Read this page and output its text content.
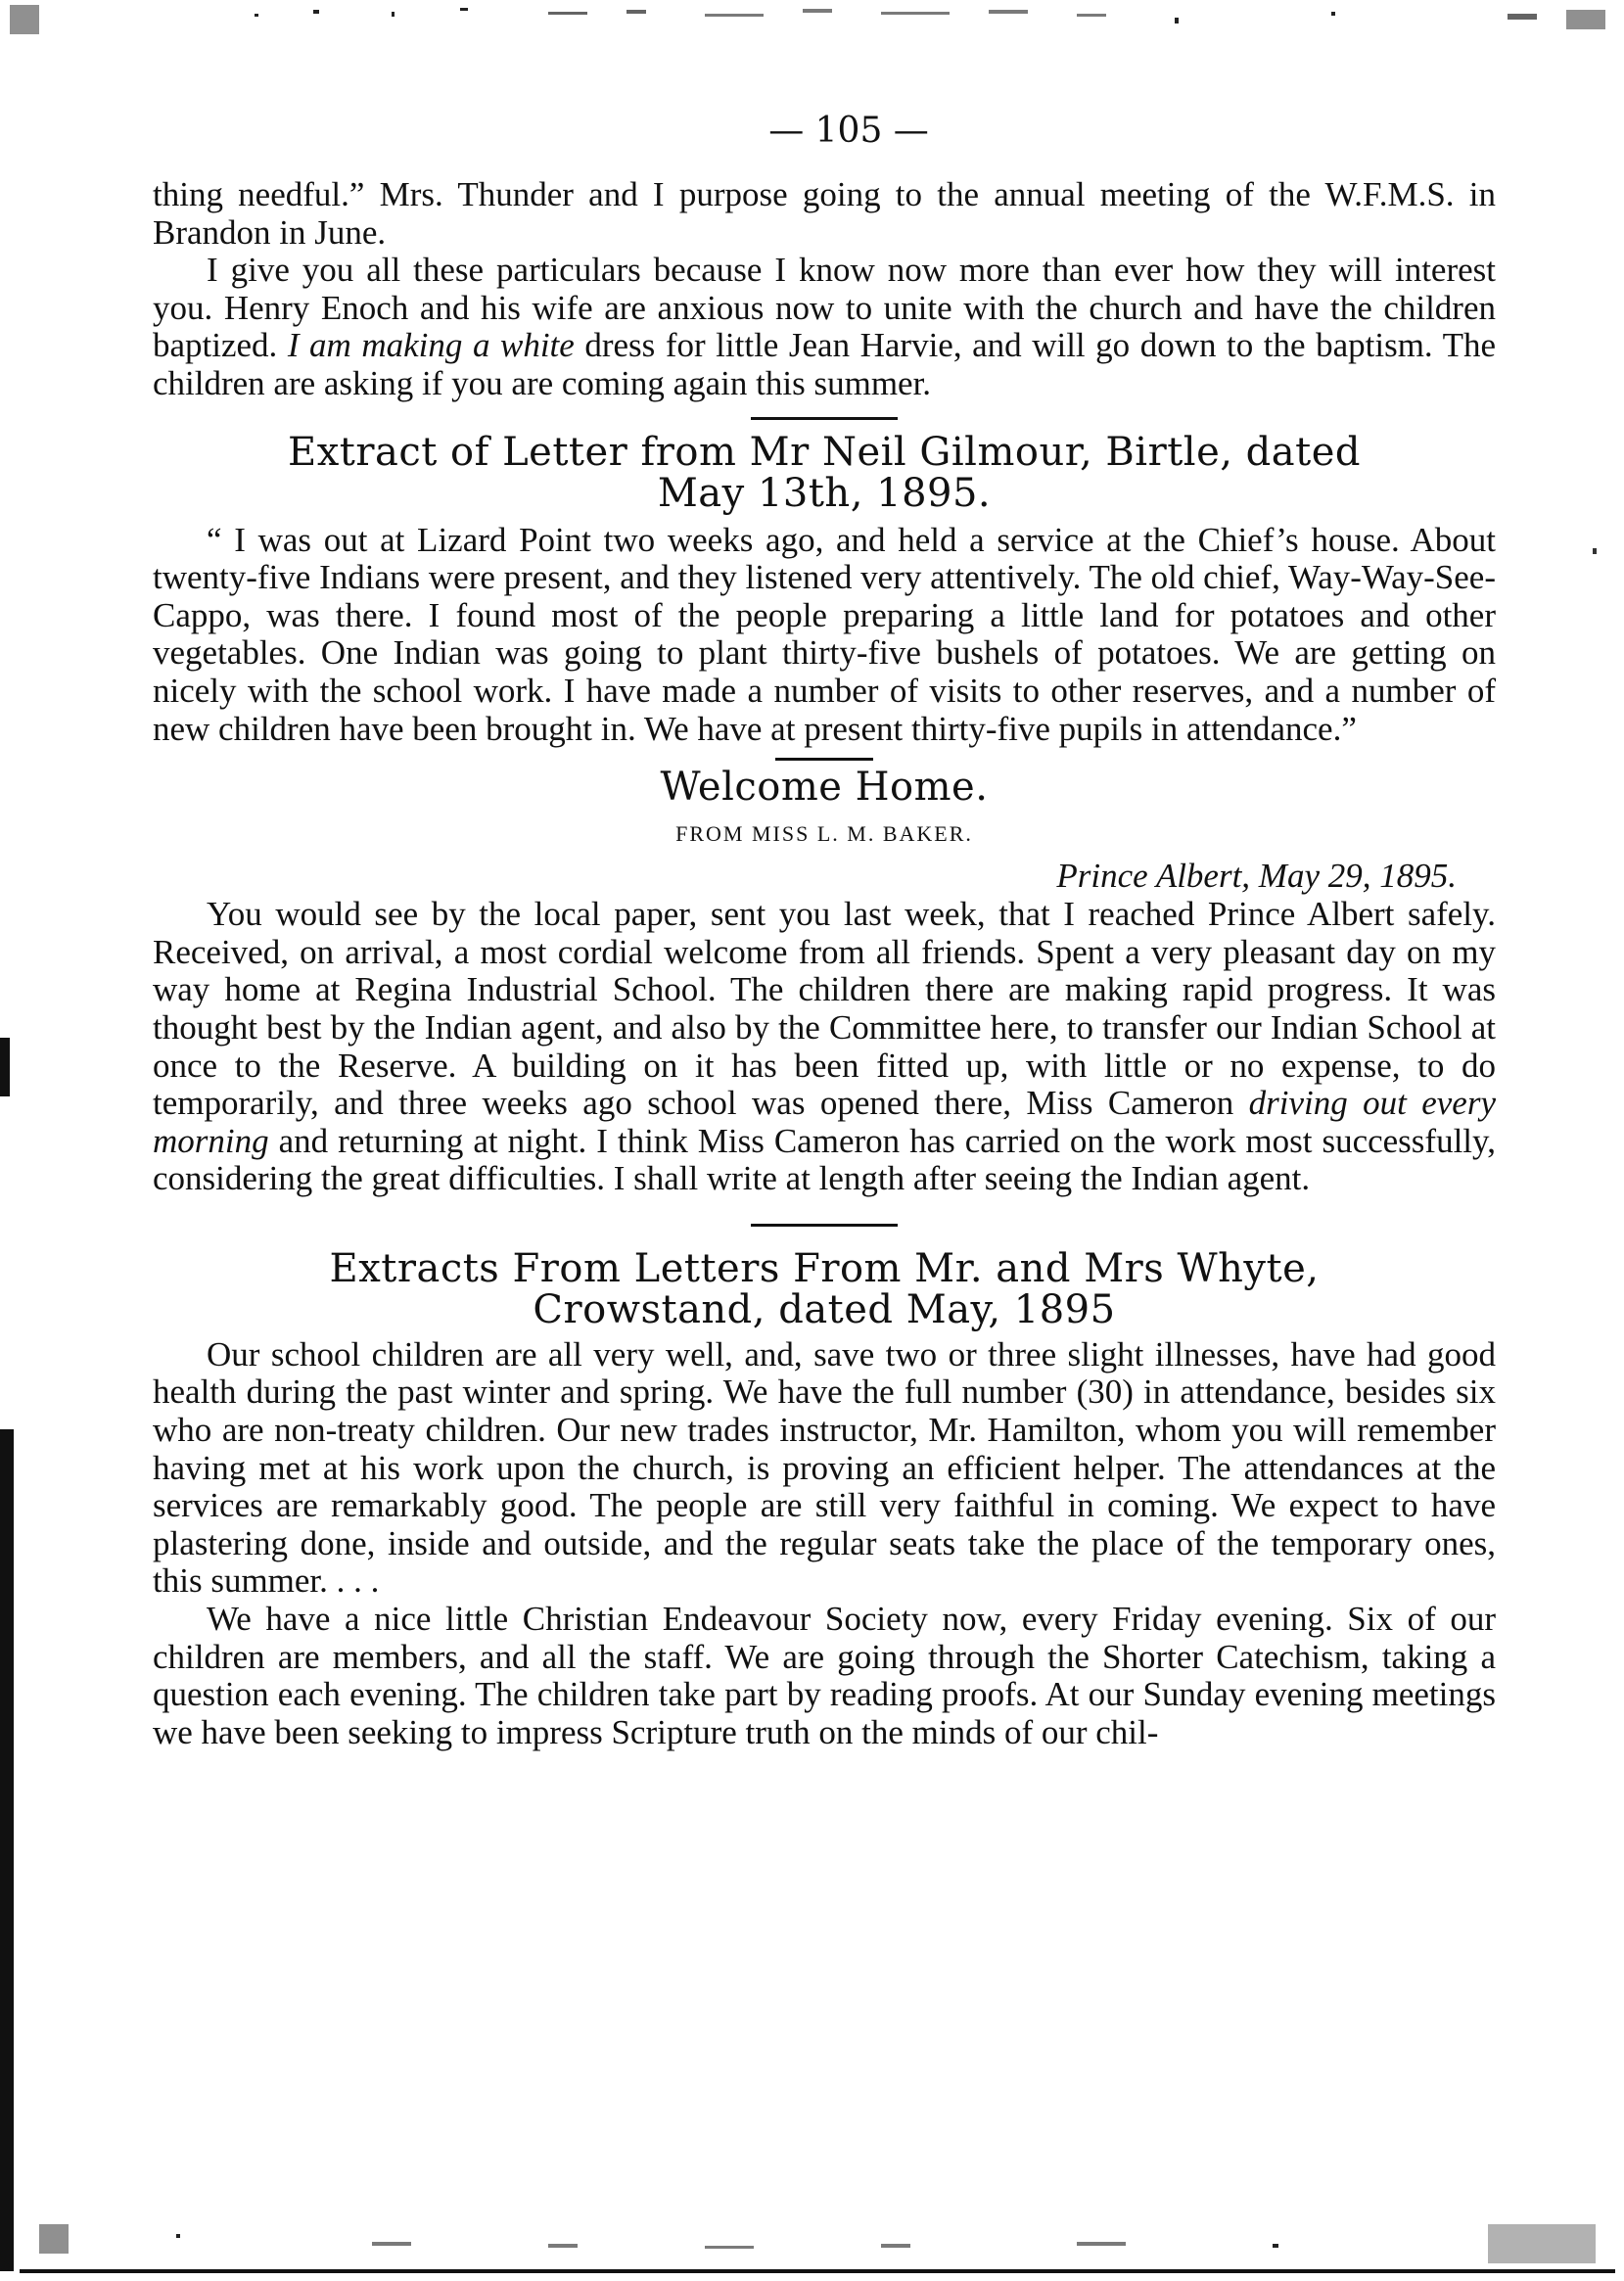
— 105 —

thing needful.” Mrs. Thunder and I purpose going to the annual meeting of the W.F.M.S. in Brandon in June.

I give you all these particulars because I know now more than ever how they will interest you. Henry Enoch and his wife are anxious now to unite with the church and have the children baptized. I am making a white dress for little Jean Harvie, and will go down to the baptism. The children are asking if you are coming again this summer.

Extract of Letter from Mr Neil Gilmour, Birtle, dated
May 13th, 1895.

“ I was out at Lizard Point two weeks ago, and held a service at the Chief’s house. About twenty-five Indians were present, and they listened very attentively. The old chief, Way-Way-See-Cappo, was there. I found most of the people preparing a little land for potatoes and other vegetables. One Indian was going to plant thirty-five bushels of potatoes. We are getting on nicely with the school work. I have made a number of visits to other reserves, and a number of new children have been brought in. We have at present thirty-five pupils in attendance.”

Welcome Home.
FROM MISS L. M. BAKER.
Prince Albert, May 29, 1895.

You would see by the local paper, sent you last week, that I reached Prince Albert safely. Received, on arrival, a most cordial welcome from all friends. Spent a very pleasant day on my way home at Regina Industrial School. The children there are making rapid progress. It was thought best by the Indian agent, and also by the Committee here, to transfer our Indian School at once to the Reserve. A building on it has been fitted up, with little or no expense, to do temporarily, and three weeks ago school was opened there, Miss Cameron driving out every morning and returning at night. I think Miss Cameron has carried on the work most successfully, considering the great difficulties. I shall write at length after seeing the Indian agent.

Extracts From Letters From Mr. and Mrs Whyte,
Crowstand, dated May, 1895

Our school children are all very well, and, save two or three slight illnesses, have had good health during the past winter and spring. We have the full number (30) in attendance, besides six who are non-treaty children. Our new trades instructor, Mr. Hamilton, whom you will remember having met at his work upon the church, is proving an efficient helper. The attendances at the services are remarkably good. The people are still very faithful in coming. We expect to have plastering done, inside and outside, and the regular seats take the place of the temporary ones, this summer. . . .

We have a nice little Christian Endeavour Society now, every Friday evening. Six of our children are members, and all the staff. We are going through the Shorter Catechism, taking a question each evening. The children take part by reading proofs. At our Sunday evening meetings we have been seeking to impress Scripture truth on the minds of our chil-
